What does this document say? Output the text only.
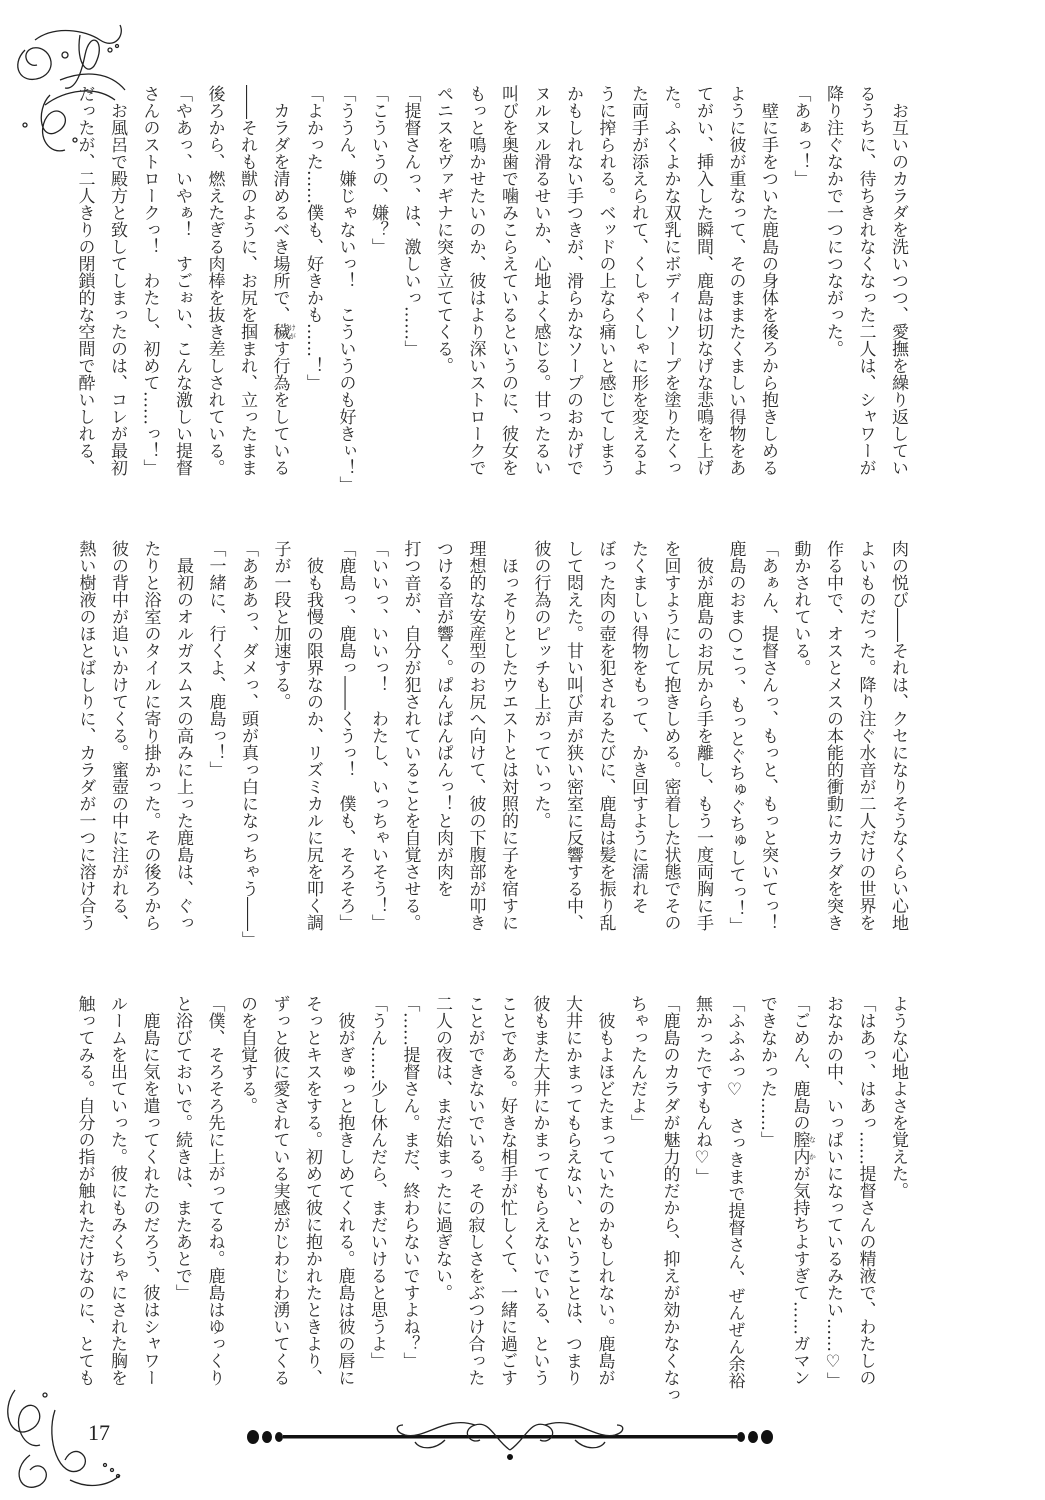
　お互いのカラダを洗いつつ、愛撫を繰り返してい
るうちに、待ちきれなくなった二人は、シャワーが
降り注ぐなかで一つにつながった。
「あぁっ！」
　壁に手をついた鹿島の身体を後ろから抱きしめる
ように彼が重なって、そのままたくましい得物をあ
てがい、挿入した瞬間、鹿島は切なげな悲鳴を上げ
た。ふくよかな双乳にボディーソープを塗りたくっ
た両手が添えられて、くしゃくしゃに形を変えるよ
うに搾られる。ベッドの上なら痛いと感じてしまう
かもしれない手つきが、滑らかなソープのおかげで
ヌルヌル滑るせいか、心地よく感じる。甘ったるい
叫びを奥歯で噛みこらえているというのに、彼女を
もっと鳴かせたいのか、彼はより深いストロークで
ペニスをヴァギナに突き立ててくる。
「提督さんっ、は、激しいっ……」
「こういうの、嫌？」
「ううん、嫌じゃないっ！　こういうのも好きぃ！」
「よかった……僕も、好きかも……！」
　カラダを清めるべき場所で、穢 けがす行為をしている
――それも獣のように、お尻を掴まれ、立ったまま
後ろから、燃えたぎる肉棒を抜き差しされている。
「やあっ、いやぁ！　すごぉい、こんな激しい提督
さんのストロークっ！　わたし、初めて……っ！」
　お風呂で殿方と致してしまったのは、コレが最初
だったが、二人きりの閉鎖的な空間で酔いしれる、
肉の悦び――それは、クセになりそうなくらい心地
よいものだった。降り注ぐ水音が二人だけの世界を
作る中で、オスとメスの本能的衝動にカラダを突き
動かされている。
「あぁん、提督さんっ、もっと、もっと突いてっ！
鹿島のおま○こっ、もっとぐちゅぐちゅしてっ！」
　彼が鹿島のお尻から手を離し、もう一度両胸に手
を回すようにして抱きしめる。密着した状態でその
たくましい得物をもって、かき回すように濡れそ
ぼった肉の壺を犯されるたびに、鹿島は髪を振り乱
して悶えた。甘い叫び声が狭い密室に反響する中、
彼の行為のピッチも上がっていった。
　ほっそりとしたウエストとは対照的に子を宿すに
理想的な安産型のお尻へ向けて、彼の下腹部が叩き
つける音が響く。ぱんぱんぱんっ！と肉が肉を
打つ音が、自分が犯されていることを自覚させる。
「いいっ、いいっ！　わたし、いっちゃいそう！」
「鹿島っ、鹿島っ――くうっ！　僕も、そろそろ」
　彼も我慢の限界なのか、リズミカルに尻を叩く調
子が一段と加速する。
「あああっ、ダメっ、頭が真っ白になっちゃう――」
「一緒に、行くよ、鹿島っ！」
　最初のオルガスムスの高みに上った鹿島は、ぐっ
たりと浴室のタイルに寄り掛かった。その後ろから
彼の背中が追いかけてくる。蜜壺の中に注がれる、
熱い樹液のほとばしりに、カラダが一つに溶け合う
ような心地よさを覚えた。
「はあっ、はあっ……提督さんの精液で、わたしの
おなかの中、いっぱいになっているみたい……♡」
「ごめん、鹿島の膣内 なかが気持ちよすぎて……ガマン
できなかった……」
「ふふふっ♡　さっきまで提督さん、ぜんぜん余裕
無かったですもんね♡」
「鹿島のカラダが魅力的だから、抑えが効かなくなっ
ちゃったんだよ」
　彼もよほどたまっていたのかもしれない。鹿島が
大井にかまってもらえない、ということは、つまり
彼もまた大井にかまってもらえないでいる、という
ことである。好きな相手が忙しくて、一緒に過ごす
ことができないでいる。その寂しさをぶつけ合った
二人の夜は、まだ始まったに過ぎない。
「……提督さん。まだ、終わらないですよね？」
「うん……少し休んだら、まだいけると思うよ」
　彼がぎゅっと抱きしめてくれる。鹿島は彼の唇に
そっとキスをする。初めて彼に抱かれたときより、
ずっと彼に愛されている実感がじわじわ湧いてくる
のを自覚する。
「僕、そろそろ先に上がってるね。鹿島はゆっくり
と浴びておいで。続きは、またあとで」
　鹿島に気を遣ってくれたのだろう、彼はシャワー
ルームを出ていった。彼にもみくちゃにされた胸を
触ってみる。自分の指が触れただけなのに、とても
17
